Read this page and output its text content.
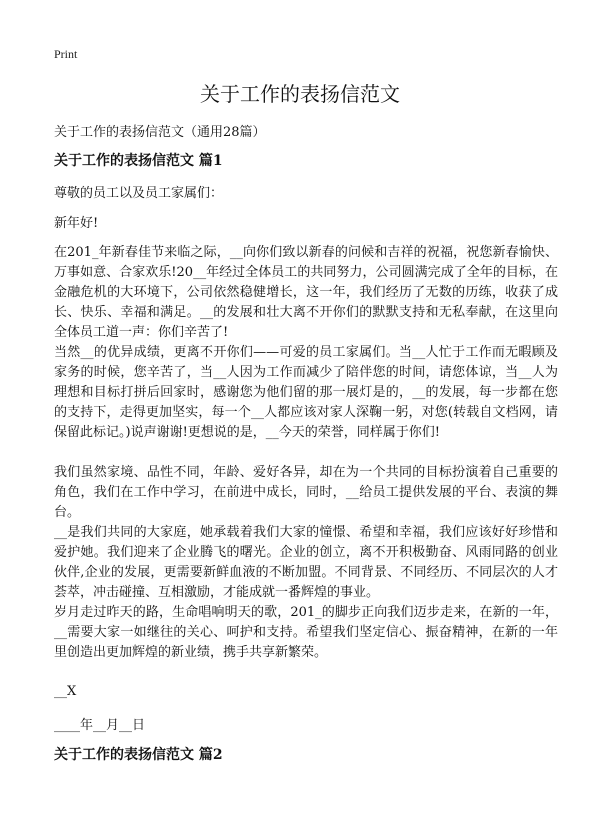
Print
关于工作的表扬信范文
关于工作的表扬信范文（通用28篇）
关于工作的表扬信范文 篇1
尊敬的员工以及员工家属们：
新年好!

在201_年新春佳节来临之际，__向你们致以新春的问候和吉祥的祝福，祝您新春愉快、万事如意、合家欢乐!20__年经过全体员工的共同努力，公司圆满完成了全年的目标，在金融危机的大环境下，公司依然稳健增长，这一年，我们经历了无数的历练，收获了成长、快乐、幸福和满足。__的发展和壮大离不开你们的默默支持和无私奉献，在这里向全体员工道一声：你们辛苦了!

当然__的优异成绩，更离不开你们——可爱的员工家属们。当__人忙于工作而无暇顾及家务的时候，您辛苦了，当__人因为工作而减少了陪伴您的时间，请您体谅，当__人为理想和目标打拼后回家时，感谢您为他们留的那一展灯是的，__的发展，每一步都在您的支持下，走得更加坚实，每一个__人都应该对家人深鞠一躬，对您(转载自文档网，请保留此标记。)说声谢谢!更想说的是，__今天的荣誉，同样属于你们!

我们虽然家境、品性不同，年龄、爱好各异，却在为一个共同的目标扮演着自己重要的角色，我们在工作中学习，在前进中成长，同时，__给员工提供发展的平台、表演的舞台。

__是我们共同的大家庭，她承载着我们大家的憧憬、希望和幸福，我们应该好好珍惜和爱护她。我们迎来了企业腾飞的曙光。企业的创立，离不开积极勤奋、风雨同路的创业伙伴,企业的发展，更需要新鲜血液的不断加盟。不同背景、不同经历、不同层次的人才荟萃，冲击碰撞、互相激励，才能成就一番辉煌的事业。

岁月走过昨天的路，生命唱响明天的歌，201_的脚步正向我们迈步走来，在新的一年，__需要大家一如继往的关心、呵护和支持。希望我们坚定信心、振奋精神，在新的一年里创造出更加辉煌的新业绩，携手共享新繁荣。

__X
____年__月__日
关于工作的表扬信范文 篇2
